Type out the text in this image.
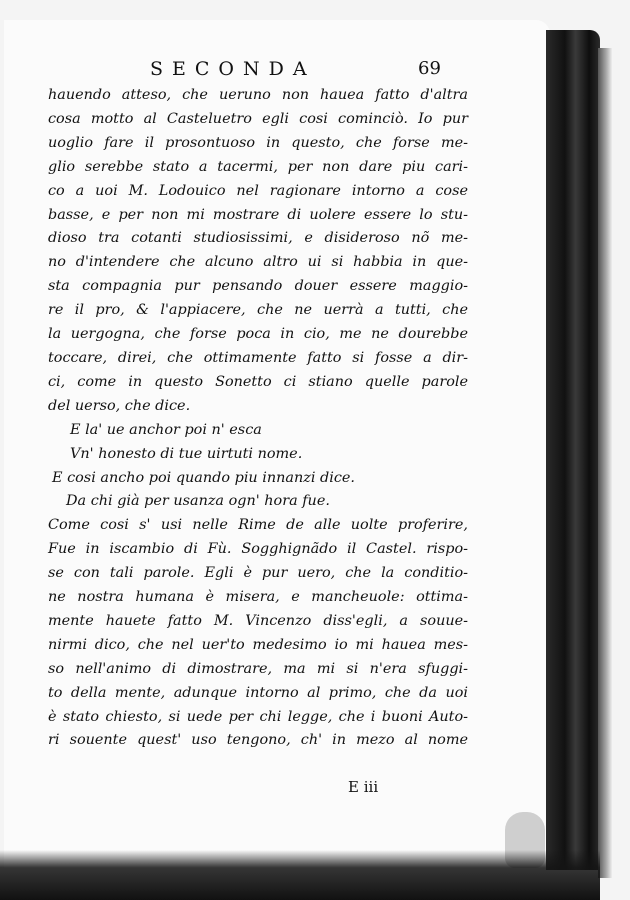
SECONDA	69
hauendo atteso, che ueruno non hauea fatto d'altra
cosa motto al Casteluetro egli cosi cominciò. Io pur
uoglio fare il prosontuoso in questo, che forse me-
glio serebbe stato a tacermi, per non dare piu cari-
co a uoi M. Lodouico nel ragionare intorno a cose
basse, e per non mi mostrare di uolere essere lo stu-
dioso tra cotanti studiosissimi, e disideroso nõ me-
no d'intendere che alcuno altro ui si habbia in que-
sta compagnia pur pensando douer essere maggio-
re il pro, & l'appiacere, che ne uerrà a tutti, che
la uergogna, che forse poca in cio, me ne dourebbe
toccare, direi, che ottimamente fatto si fosse a dir-
ci, come in questo Sonetto ci stiano quelle parole
del uerso, che dice.
E la' ue anchor poi n' esca
Vn' honesto di tue uirtuti nome.
E cosi ancho poi quando piu innanzi dice.
Da chi già per usanza ogn' hora fue.
Come cosi s' usi nelle Rime de alle uolte proferire,
Fue in iscambio di Fù. Sogghignãdo il Castel. rispo-
se con tali parole. Egli è pur uero, che la conditio-
ne nostra humana è misera, e mancheuole: ottima-
mente hauete fatto M. Vincenzo diss'egli, a souue-
nirmi dico, che nel uer'to medesimo io mi hauea mes-
so nell'animo di dimostrare, ma mi si n'era sfuggi-
to della mente, adunque intorno al primo, che da uoi
è stato chiesto, si uede per chi legge, che i buoni Auto-
ri souente quest' uso tengono, ch' in mezo al nome
E iii
